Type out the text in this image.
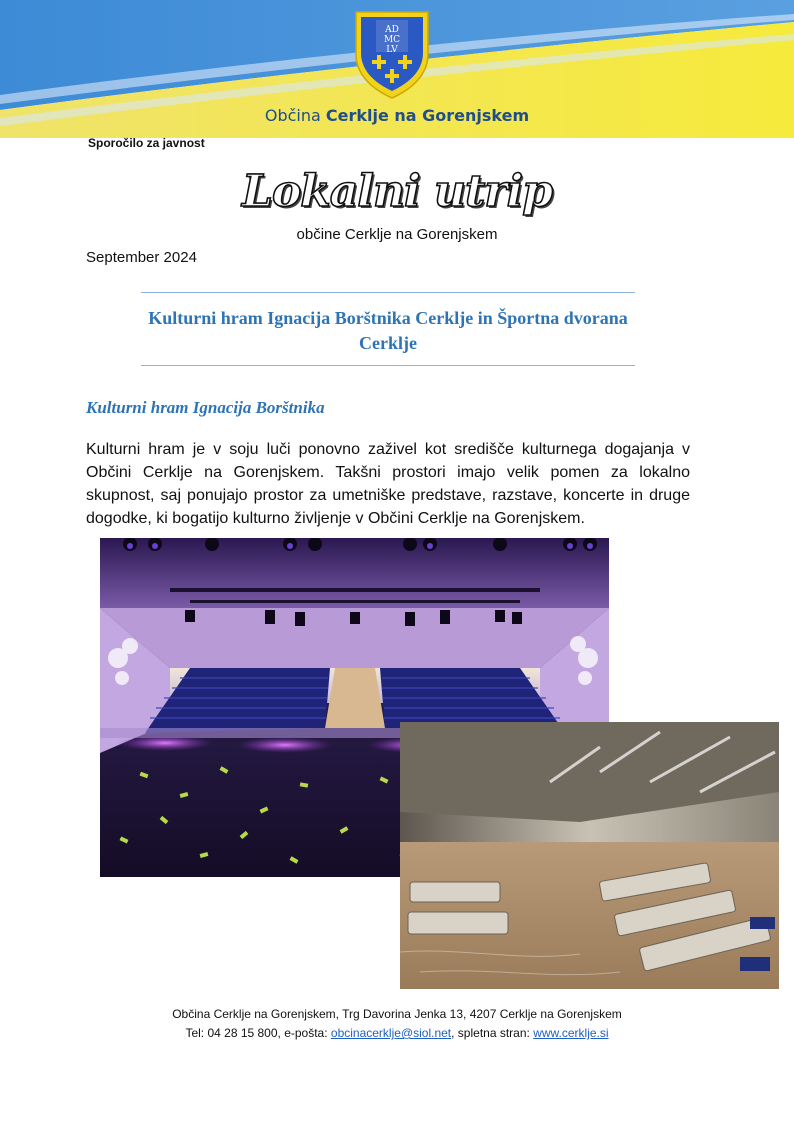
AD
MC
LV
Občina Cerklje na Gorenjskem
Sporočilo za javnost
Lokalni utrip
občine Cerklje na Gorenjskem
September 2024
Kulturni hram Ignacija Borštnika Cerklje in Športna dvorana Cerklje
Kulturni hram Ignacija Borštnika
Kulturni hram je v soju luči ponovno zaživel kot središče kulturnega dogajanja v Občini Cerklje na Gorenjskem. Takšni prostori imajo velik pomen za lokalno skupnost, saj ponujajo prostor za umetniške predstave, razstave, koncerte in druge dogodke, ki bogatijo kulturno življenje v Občini Cerklje na Gorenjskem.
Občina Cerklje na Gorenjskem, Trg Davorina Jenka 13, 4207 Cerklje na Gorenjskem
Tel: 04 28 15 800, e-pošta: obcinacerklje@siol.net, spletna stran: www.cerklje.si
